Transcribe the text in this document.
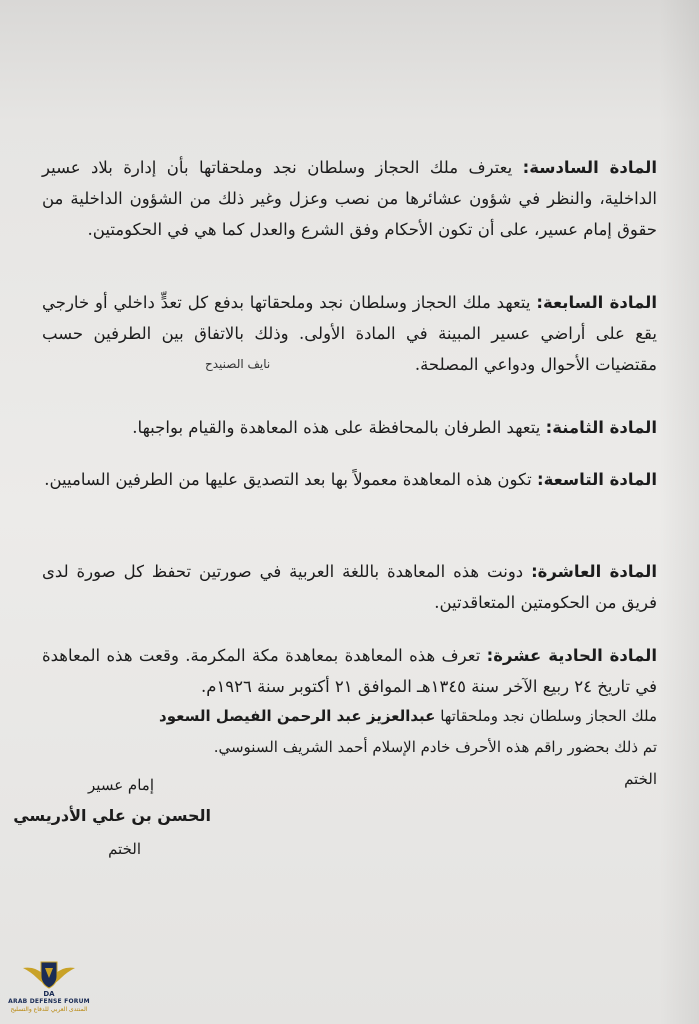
المادة السادسة: يعترف ملك الحجاز وسلطان نجد وملحقاتها بأن إدارة بلاد عسير الداخلية، والنظر في شؤون عشائرها من نصب وعزل وغير ذلك من الشؤون الداخلية من حقوق إمام عسير، على أن تكون الأحكام وفق الشرع والعدل كما هي في الحكومتين.

المادة السابعة: يتعهد ملك الحجاز وسلطان نجد وملحقاتها بدفع كل تعدٍّ داخلي أو خارجي يقع على أراضي عسير المبينة في المادة الأولى. وذلك بالاتفاق بين الطرفين حسب مقتضيات الأحوال ودواعي المصلحة.

نايف الصنيدح

المادة الثامنة: يتعهد الطرفان بالمحافظة على هذه المعاهدة والقيام بواجبها.

المادة التاسعة: تكون هذه المعاهدة معمولاً بها بعد التصديق عليها من الطرفين الساميين.

المادة العاشرة: دونت هذه المعاهدة باللغة العربية في صورتين تحفظ كل صورة لدى فريق من الحكومتين المتعاقدتين.

المادة الحادية عشرة: تعرف هذه المعاهدة بمعاهدة مكة المكرمة. وقعت هذه المعاهدة في تاريخ ٢٤ ربيع الآخر سنة ١٣٤٥هـ الموافق ٢١ أكتوبر سنة ١٩٢٦م.

ملك الحجاز وسلطان نجد وملحقاتها عبدالعزيز عبد الرحمن الفيصل السعود
تم ذلك بحضور راقم هذه الأحرف خادم الإسلام أحمد الشريف السنوسي.
الختم
إمام عسير
الحسن بن علي الأدريسي
الختم
DA
ARAB DEFENSE FORUM
المنتدى العربي للدفاع والتسليح
